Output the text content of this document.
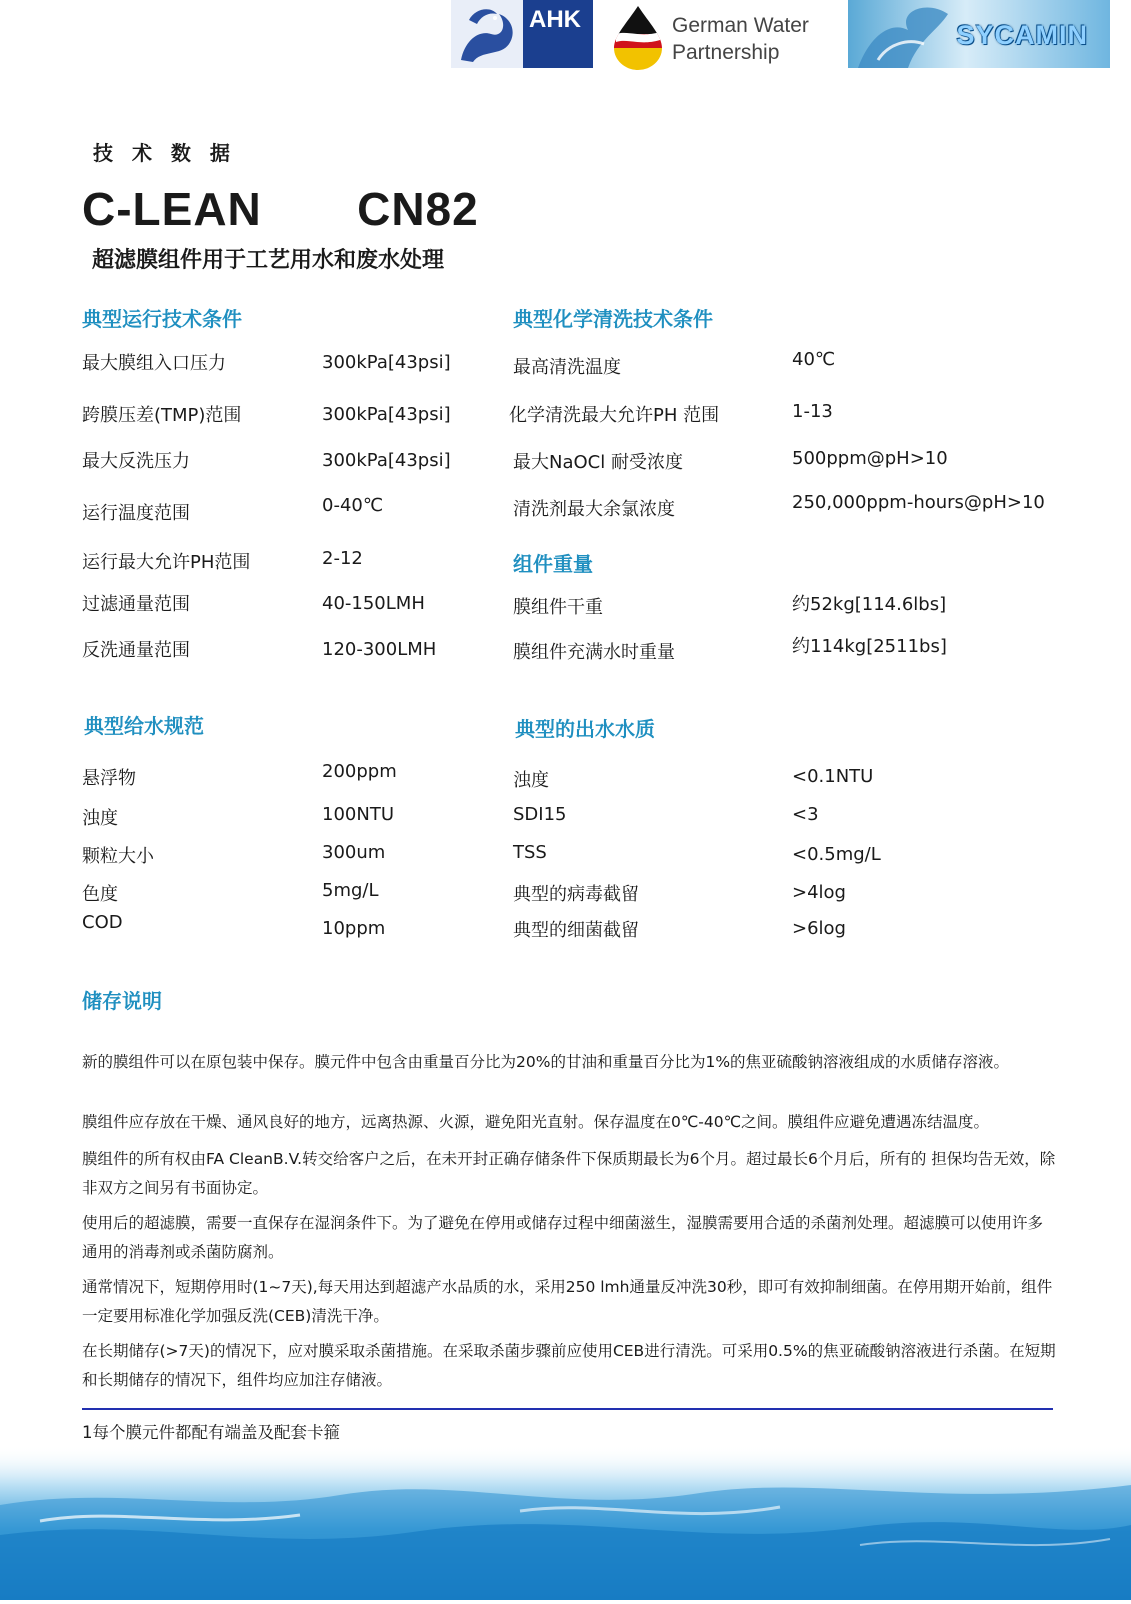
AHK	German Water
Partnership
SYCAMIN
技 术 数 据
C-LEAN   CN82
超滤膜组件用于工艺用水和废水处理
典型运行技术条件
最大膜组入口压力	300kPa[43psi]
跨膜压差(TMP)范围	300kPa[43psi]
最大反洗压力	300kPa[43psi]
运行温度范围	0-40℃
运行最大允许PH范围	2-12
过滤通量范围	40-150LMH
反洗通量范围	120-300LMH
典型化学清洗技术条件
最高清洗温度	40℃
化学清洗最大允许PH 范围	1-13
最大NaOCl 耐受浓度	500ppm@pH>10
清洗剂最大余氯浓度	250,000ppm-hours@pH>10
组件重量
膜组件干重	约52kg[114.6lbs]
膜组件充满水时重量	约114kg[2511bs]
典型给水规范
悬浮物	200ppm
浊度	100NTU
颗粒大小	300um
色度	5mg/L
COD	10ppm
典型的出水水质
浊度	<0.1NTU
SDI15	<3
TSS	<0.5mg/L
典型的病毒截留	>4log
典型的细菌截留	>6log
储存说明
新的膜组件可以在原包装中保存。膜元件中包含由重量百分比为20%的甘油和重量百分比为1%的焦亚硫酸钠溶液组成的水质储存溶液。
膜组件应存放在干燥、通风良好的地方，远离热源、火源，避免阳光直射。保存温度在0℃-40℃之间。膜组件应避免遭遇冻结温度。
膜组件的所有权由FA CleanB.V.转交给客户之后，在未开封正确存储条件下保质期最长为6个月。超过最长6个月后，所有的 担保均告无效，除非双方之间另有书面协定。
使用后的超滤膜，需要一直保存在湿润条件下。为了避免在停用或储存过程中细菌滋生，湿膜需要用合适的杀菌剂处理。超滤膜可以使用许多通用的消毒剂或杀菌防腐剂。
通常情况下，短期停用时(1~7天),每天用达到超滤产水品质的水，采用250 lmh通量反冲洗30秒，即可有效抑制细菌。在停用期开始前，组件一定要用标准化学加强反洗(CEB)清洗干净。
在长期储存(>7天)的情况下，应对膜采取杀菌措施。在采取杀菌步骤前应使用CEB进行清洗。可采用0.5%的焦亚硫酸钠溶液进行杀菌。在短期和长期储存的情况下，组件均应加注存储液。
1每个膜元件都配有端盖及配套卡箍
